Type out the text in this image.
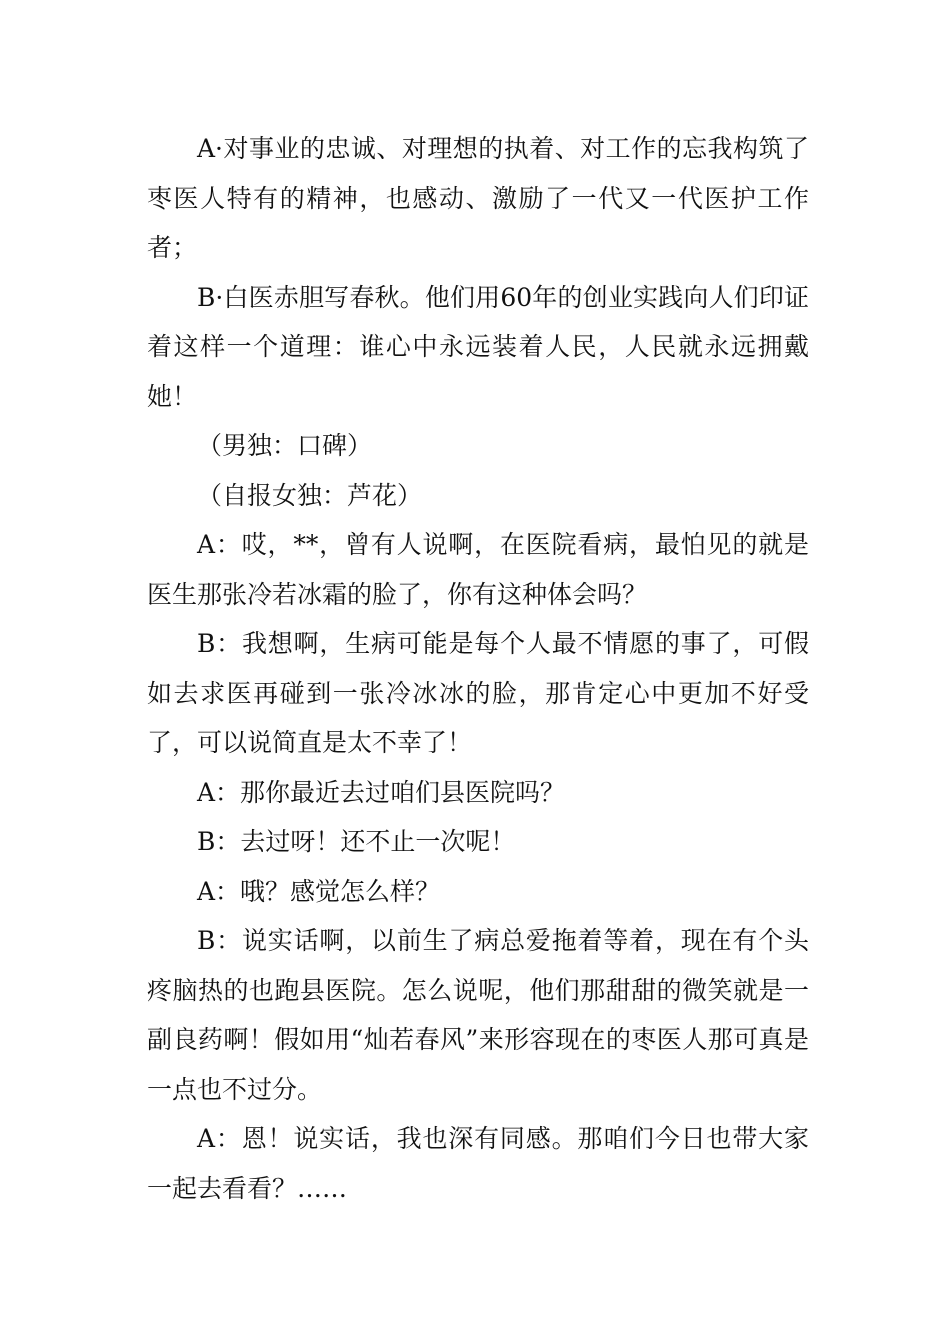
A·对事业的忠诚、对理想的执着、对工作的忘我构筑了枣医人特有的精神，也感动、激励了一代又一代医护工作者；

B·白医赤胆写春秋。他们用60年的创业实践向人们印证着这样一个道理：谁心中永远装着人民，人民就永远拥戴她！

（男独：口碑）

（自报女独：芦花）

A：哎，**，曾有人说啊，在医院看病，最怕见的就是医生那张冷若冰霜的脸了，你有这种体会吗？

B：我想啊，生病可能是每个人最不情愿的事了，可假如去求医再碰到一张冷冰冰的脸，那肯定心中更加不好受了，可以说简直是太不幸了！

A：那你最近去过咱们县医院吗？

B：去过呀！还不止一次呢！

A：哦？感觉怎么样？

B：说实话啊，以前生了病总爱拖着等着，现在有个头疼脑热的也跑县医院。怎么说呢，他们那甜甜的微笑就是一副良药啊！假如用“灿若春风”来形容现在的枣医人那可真是一点也不过分。

A：恩！说实话，我也深有同感。那咱们今日也带大家一起去看看？……
